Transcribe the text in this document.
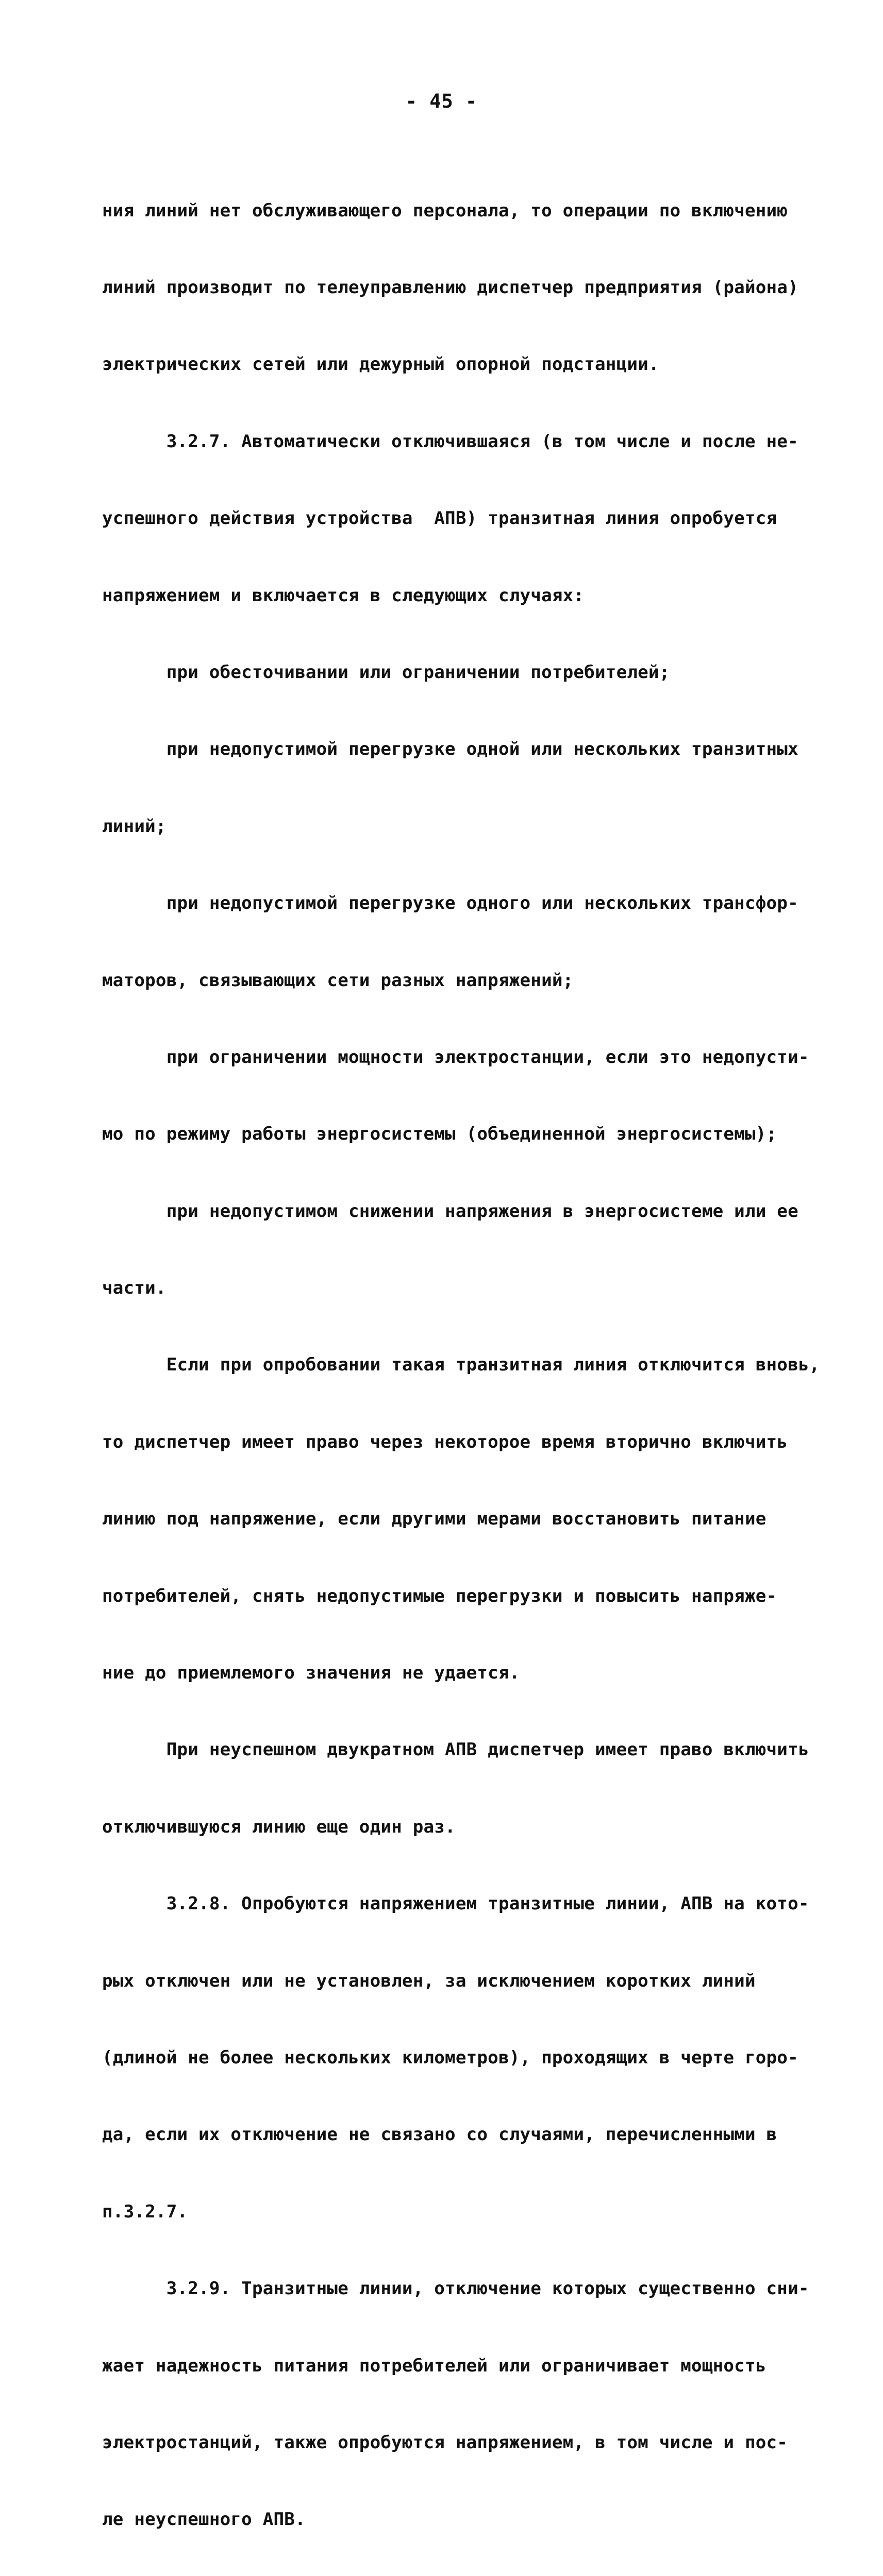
- 45 -

ния линий нет обслуживающего персонала, то операции по включению

линий производит по телеуправлению диспетчер предприятия (района)

электрических сетей или дежурный опорной подстанции.

3.2.7. Автоматически отключившаяся (в том числе и после не-

успешного действия устройства  АПВ) транзитная линия опробуется

напряжением и включается в следующих случаях:

при обесточивании или ограничении потребителей;

при недопустимой перегрузке одной или нескольких транзитных

линий;

при недопустимой перегрузке одного или нескольких трансфор-

маторов, связывающих сети разных напряжений;

при ограничении мощности электростанции, если это недопусти-

мо по режиму работы энергосистемы (объединенной энергосистемы);

при недопустимом снижении напряжения в энергосистеме или ее

части.

Если при опробовании такая транзитная линия отключится вновь,

то диспетчер имеет право через некоторое время вторично включить

линию под напряжение, если другими мерами восстановить питание

потребителей, снять недопустимые перегрузки и повысить напряже-

ние до приемлемого значения не удается.

При неуспешном двукратном АПВ диспетчер имеет право включить

отключившуюся линию еще один раз.

3.2.8. Опробуются напряжением транзитные линии, АПВ на кото-

рых отключен или не установлен, за исключением коротких линий

(длиной не более нескольких километров), проходящих в черте горо-

да, если их отключение не связано со случаями, перечисленными в

п.3.2.7.

3.2.9. Транзитные линии, отключение которых существенно сни-

жает надежность питания потребителей или ограничивает мощность

электростанций, также опробуются напряжением, в том числе и пос-

ле неуспешного АПВ.
